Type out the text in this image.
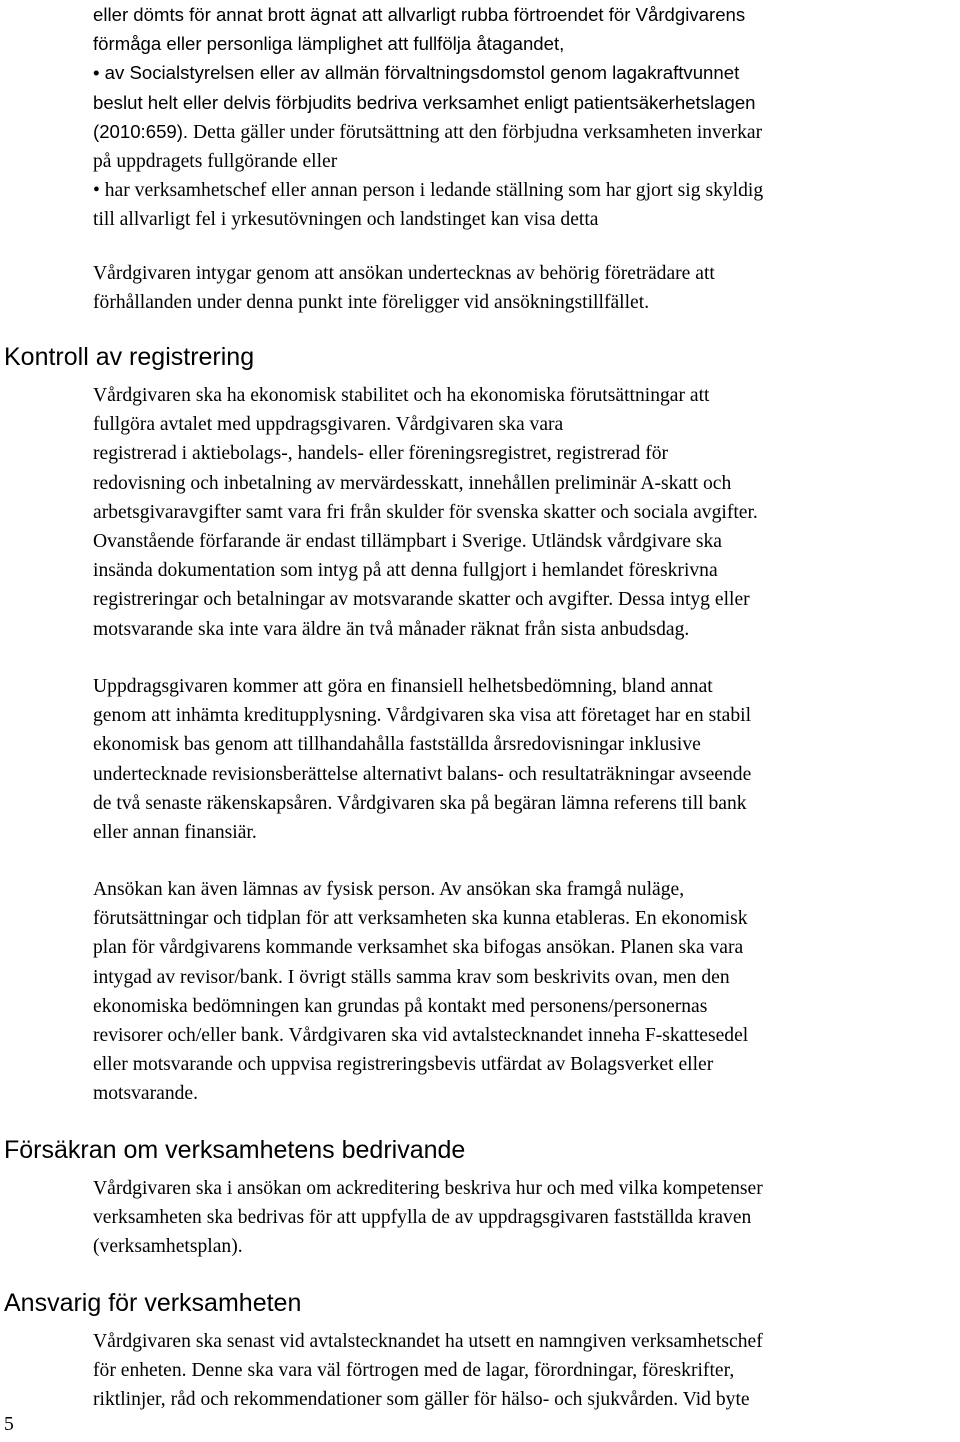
eller dömts för annat brott ägnat att allvarligt rubba förtroendet för Vårdgivarens
förmåga eller personliga lämplighet att fullfölja åtagandet,
• av Socialstyrelsen eller av allmän förvaltningsdomstol genom lagakraftvunnet
beslut helt eller delvis förbjudits bedriva verksamhet enligt patientsäkerhetslagen
(2010:659). Detta gäller under förutsättning att den förbjudna verksamheten inverkar
på uppdragets fullgörande eller
• har verksamhetschef eller annan person i ledande ställning som har gjort sig skyldig
till allvarligt fel i yrkesutövningen och landstinget kan visa detta
Vårdgivaren intygar genom att ansökan undertecknas av behörig företrädare att
förhållanden under denna punkt inte föreligger vid ansökningstillfället.
Kontroll av registrering
Vårdgivaren ska ha ekonomisk stabilitet och ha ekonomiska förutsättningar att
fullgöra avtalet med uppdragsgivaren. Vårdgivaren ska vara
registrerad i aktiebolags-, handels- eller föreningsregistret, registrerad för
redovisning och inbetalning av mervärdesskatt, innehållen preliminär A-skatt och
arbetsgivaravgifter samt vara fri från skulder för svenska skatter och sociala avgifter.
Ovanstående förfarande är endast tillämpbart i Sverige. Utländsk vårdgivare ska
insända dokumentation som intyg på att denna fullgjort i hemlandet föreskrivna
registreringar och betalningar av motsvarande skatter och avgifter. Dessa intyg eller
motsvarande ska inte vara äldre än två månader räknat från sista anbudsdag.
Uppdragsgivaren kommer att göra en finansiell helhetsbedömning, bland annat
genom att inhämta kreditupplysning. Vårdgivaren ska visa att företaget har en stabil
ekonomisk bas genom att tillhandahålla fastställda årsredovisningar inklusive
undertecknade revisionsberättelse alternativt balans- och resultaträkningar avseende
de två senaste räkenskapsåren. Vårdgivaren ska på begäran lämna referens till bank
eller annan finansiär.
Ansökan kan även lämnas av fysisk person. Av ansökan ska framgå nuläge,
förutsättningar och tidplan för att verksamheten ska kunna etableras. En ekonomisk
plan för vårdgivarens kommande verksamhet ska bifogas ansökan. Planen ska vara
intygad av revisor/bank. I övrigt ställs samma krav som beskrivits ovan, men den
ekonomiska bedömningen kan grundas på kontakt med personens/personernas
revisorer och/eller bank. Vårdgivaren ska vid avtalstecknandet inneha F-skattesedel
eller motsvarande och uppvisa registreringsbevis utfärdat av Bolagsverket eller
motsvarande.
Försäkran om verksamhetens bedrivande
Vårdgivaren ska i ansökan om ackreditering beskriva hur och med vilka kompetenser
verksamheten ska bedrivas för att uppfylla de av uppdragsgivaren fastställda kraven
(verksamhetsplan).
Ansvarig för verksamheten
Vårdgivaren ska senast vid avtalstecknandet ha utsett en namngiven verksamhetschef
för enheten. Denne ska vara väl förtrogen med de lagar, förordningar, föreskrifter,
riktlinjer, råd och rekommendationer som gäller för hälso- och sjukvården. Vid byte
5
